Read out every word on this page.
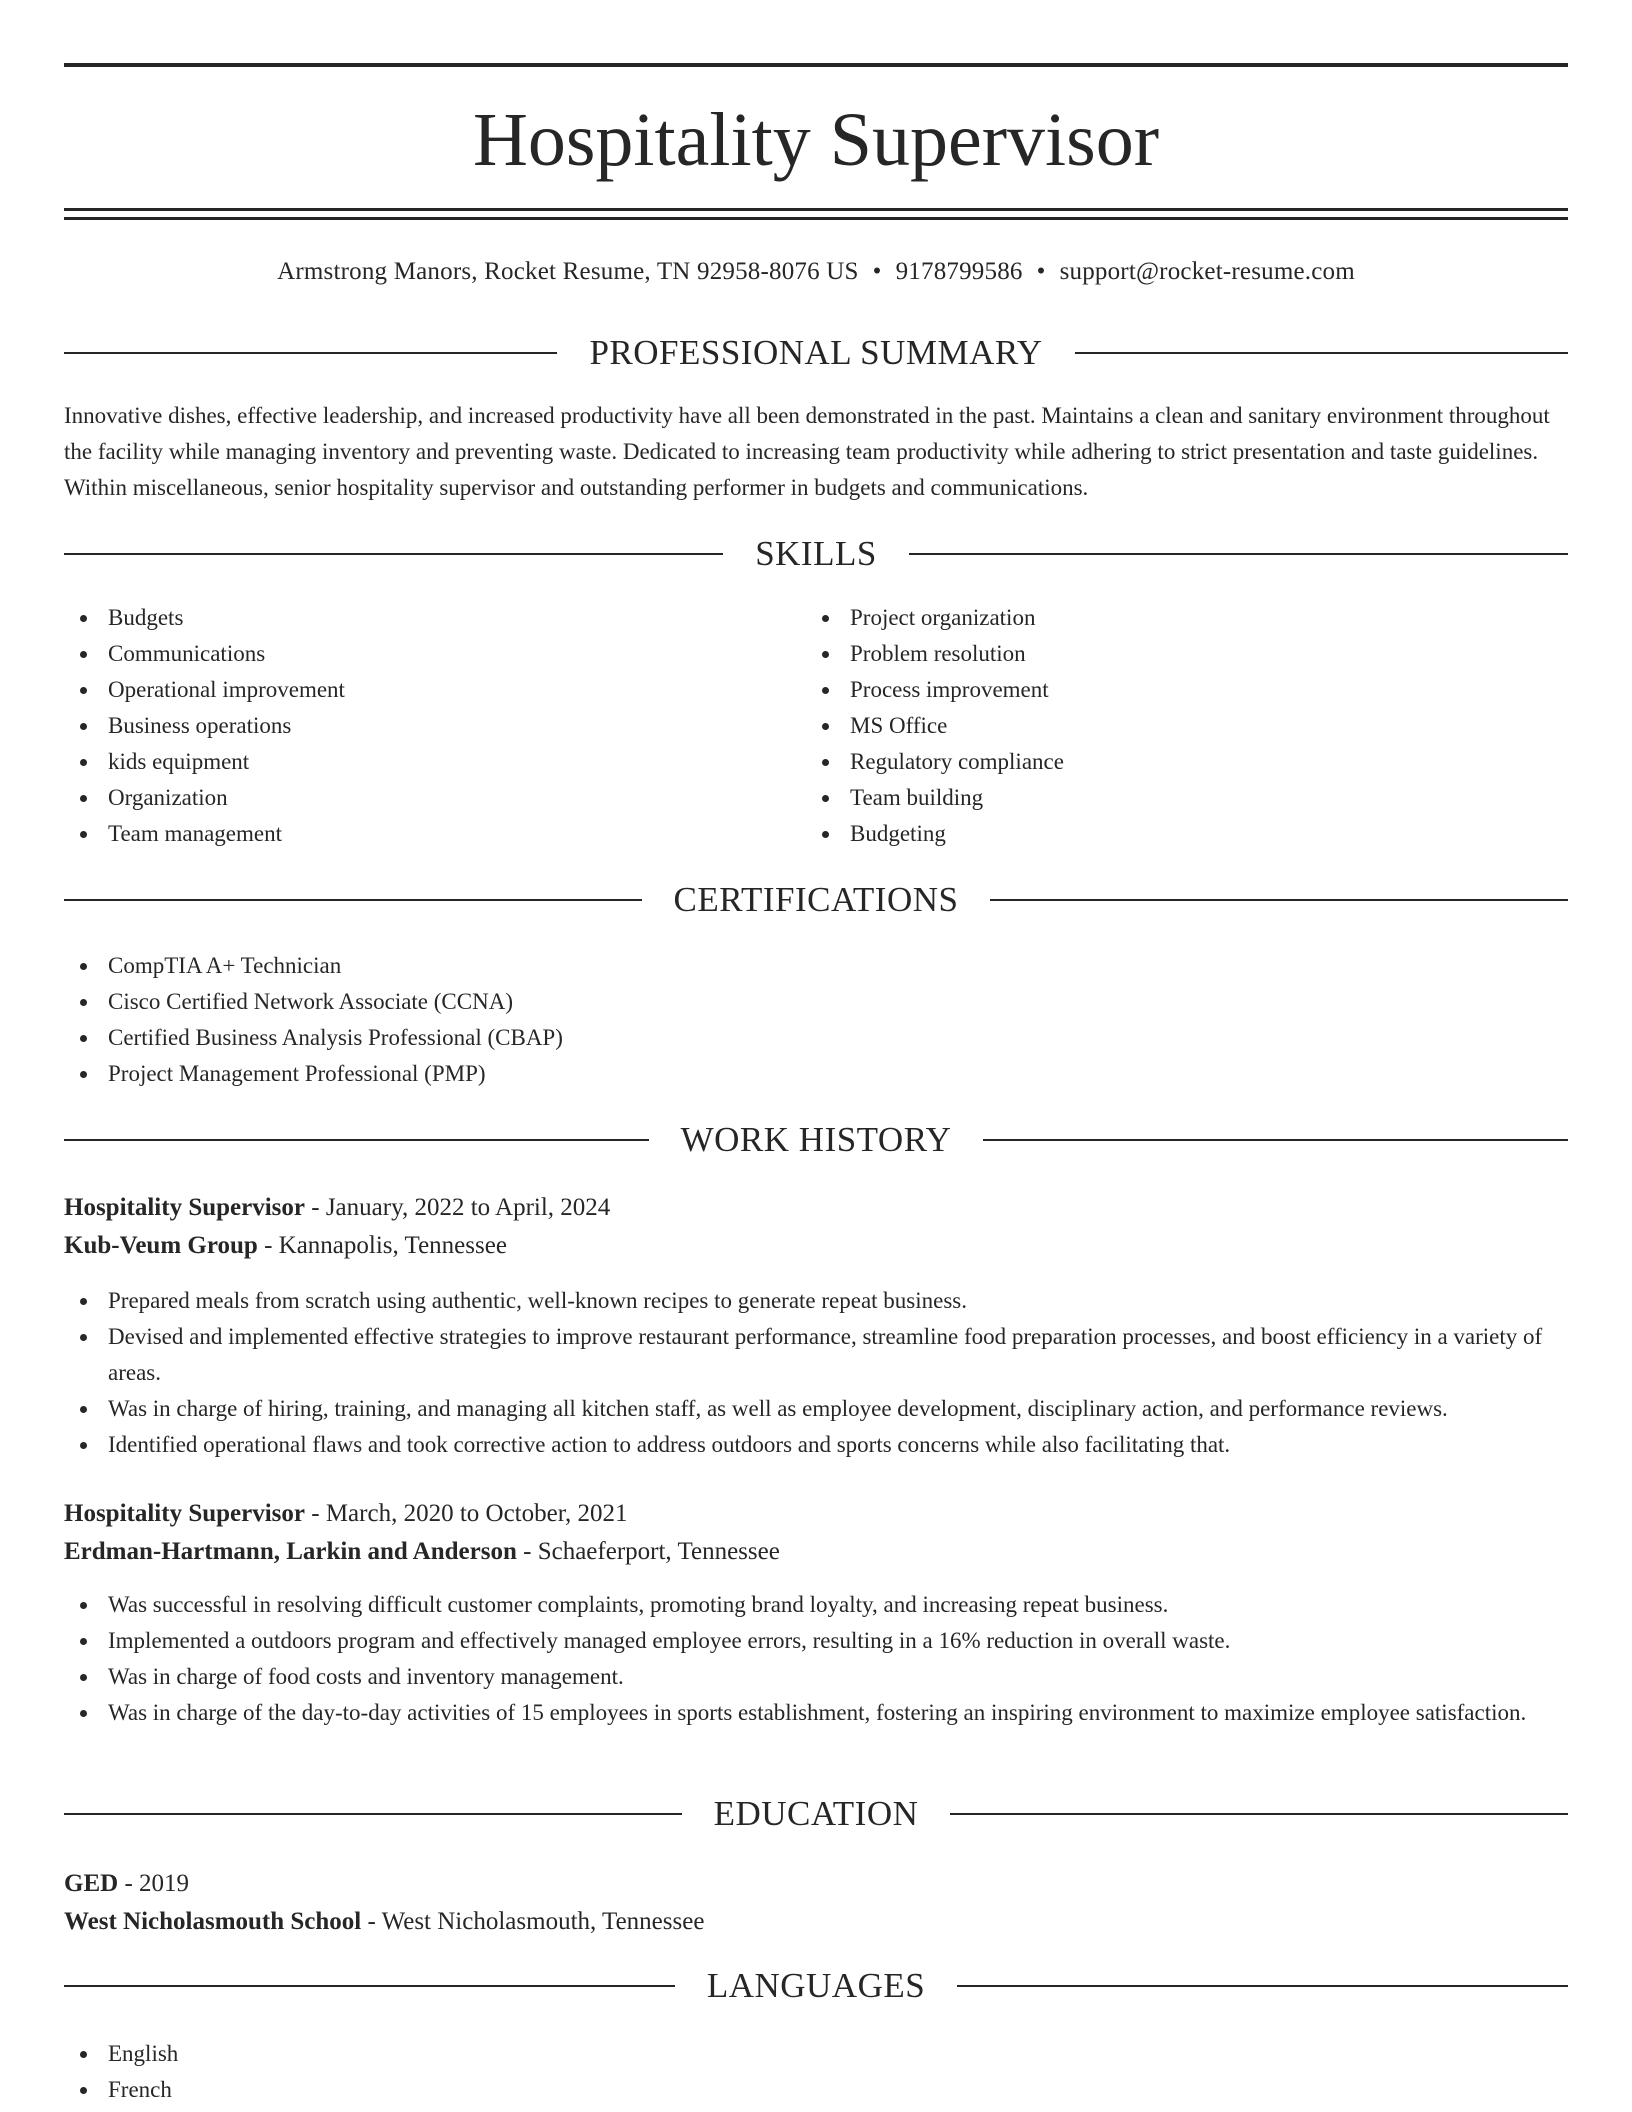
Hospitality Supervisor
Armstrong Manors, Rocket Resume, TN 92958-8076 US • 9178799586 • support@rocket-resume.com
PROFESSIONAL SUMMARY

Innovative dishes, effective leadership, and increased productivity have all been demonstrated in the past. Maintains a clean and sanitary environment throughout the facility while managing inventory and preventing waste. Dedicated to increasing team productivity while adhering to strict presentation and taste guidelines. Within miscellaneous, senior hospitality supervisor and outstanding performer in budgets and communications.

SKILLS
Budgets
Communications
Operational improvement
Business operations
kids equipment
Organization
Team management
Project organization
Problem resolution
Process improvement
MS Office
Regulatory compliance
Team building
Budgeting
CERTIFICATIONS
CompTIA A+ Technician
Cisco Certified Network Associate (CCNA)
Certified Business Analysis Professional (CBAP)
Project Management Professional (PMP)
WORK HISTORY
Hospitality Supervisor - January, 2022 to April, 2024
Kub-Veum Group - Kannapolis, Tennessee
Prepared meals from scratch using authentic, well-known recipes to generate repeat business.
Devised and implemented effective strategies to improve restaurant performance, streamline food preparation processes, and boost efficiency in a variety of areas.
Was in charge of hiring, training, and managing all kitchen staff, as well as employee development, disciplinary action, and performance reviews.
Identified operational flaws and took corrective action to address outdoors and sports concerns while also facilitating that.
Hospitality Supervisor - March, 2020 to October, 2021
Erdman-Hartmann, Larkin and Anderson - Schaeferport, Tennessee
Was successful in resolving difficult customer complaints, promoting brand loyalty, and increasing repeat business.
Implemented a outdoors program and effectively managed employee errors, resulting in a 16% reduction in overall waste.
Was in charge of food costs and inventory management.
Was in charge of the day-to-day activities of 15 employees in sports establishment, fostering an inspiring environment to maximize employee satisfaction.
EDUCATION
GED - 2019
West Nicholasmouth School - West Nicholasmouth, Tennessee
LANGUAGES
English
French
